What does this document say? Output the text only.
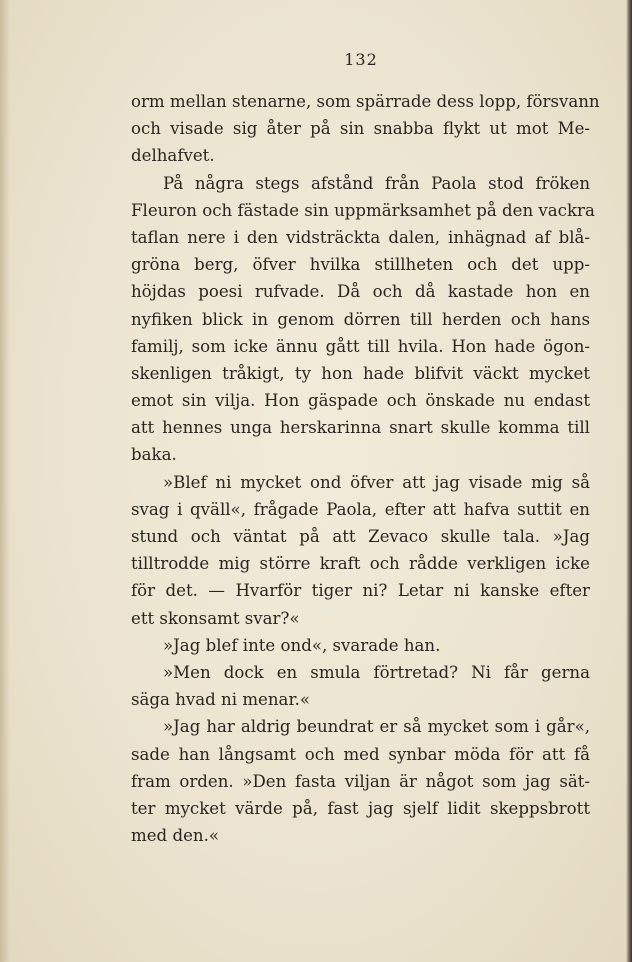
132
orm mellan stenarne, som spärrade dess lopp, försvann
och visade sig åter på sin snabba flykt ut mot Me-
delhafvet.
På några stegs afstånd från Paola stod fröken
Fleuron och fästade sin uppmärksamhet på den vackra
taflan nere i den vidsträckta dalen, inhägnad af blå-
gröna berg, öfver hvilka stillheten och det upp-
höjdas poesi rufvade. Då och då kastade hon en
nyfiken blick in genom dörren till herden och hans
familj, som icke ännu gått till hvila. Hon hade ögon-
skenligen tråkigt, ty hon hade blifvit väckt mycket
emot sin vilja. Hon gäspade och önskade nu endast
att hennes unga herskarinna snart skulle komma till
baka.
»Blef ni mycket ond öfver att jag visade mig så
svag i qväll«, frågade Paola, efter att hafva suttit en
stund och väntat på att Zevaco skulle tala. »Jag
tilltrodde mig större kraft och rådde verkligen icke
för det. — Hvarför tiger ni? Letar ni kanske efter
ett skonsamt svar?«
»Jag blef inte ond«, svarade han.
»Men dock en smula förtretad? Ni får gerna
säga hvad ni menar.«
»Jag har aldrig beundrat er så mycket som i går«,
sade han långsamt och med synbar möda för att få
fram orden. »Den fasta viljan är något som jag sät-
ter mycket värde på, fast jag sjelf lidit skeppsbrott
med den.«
